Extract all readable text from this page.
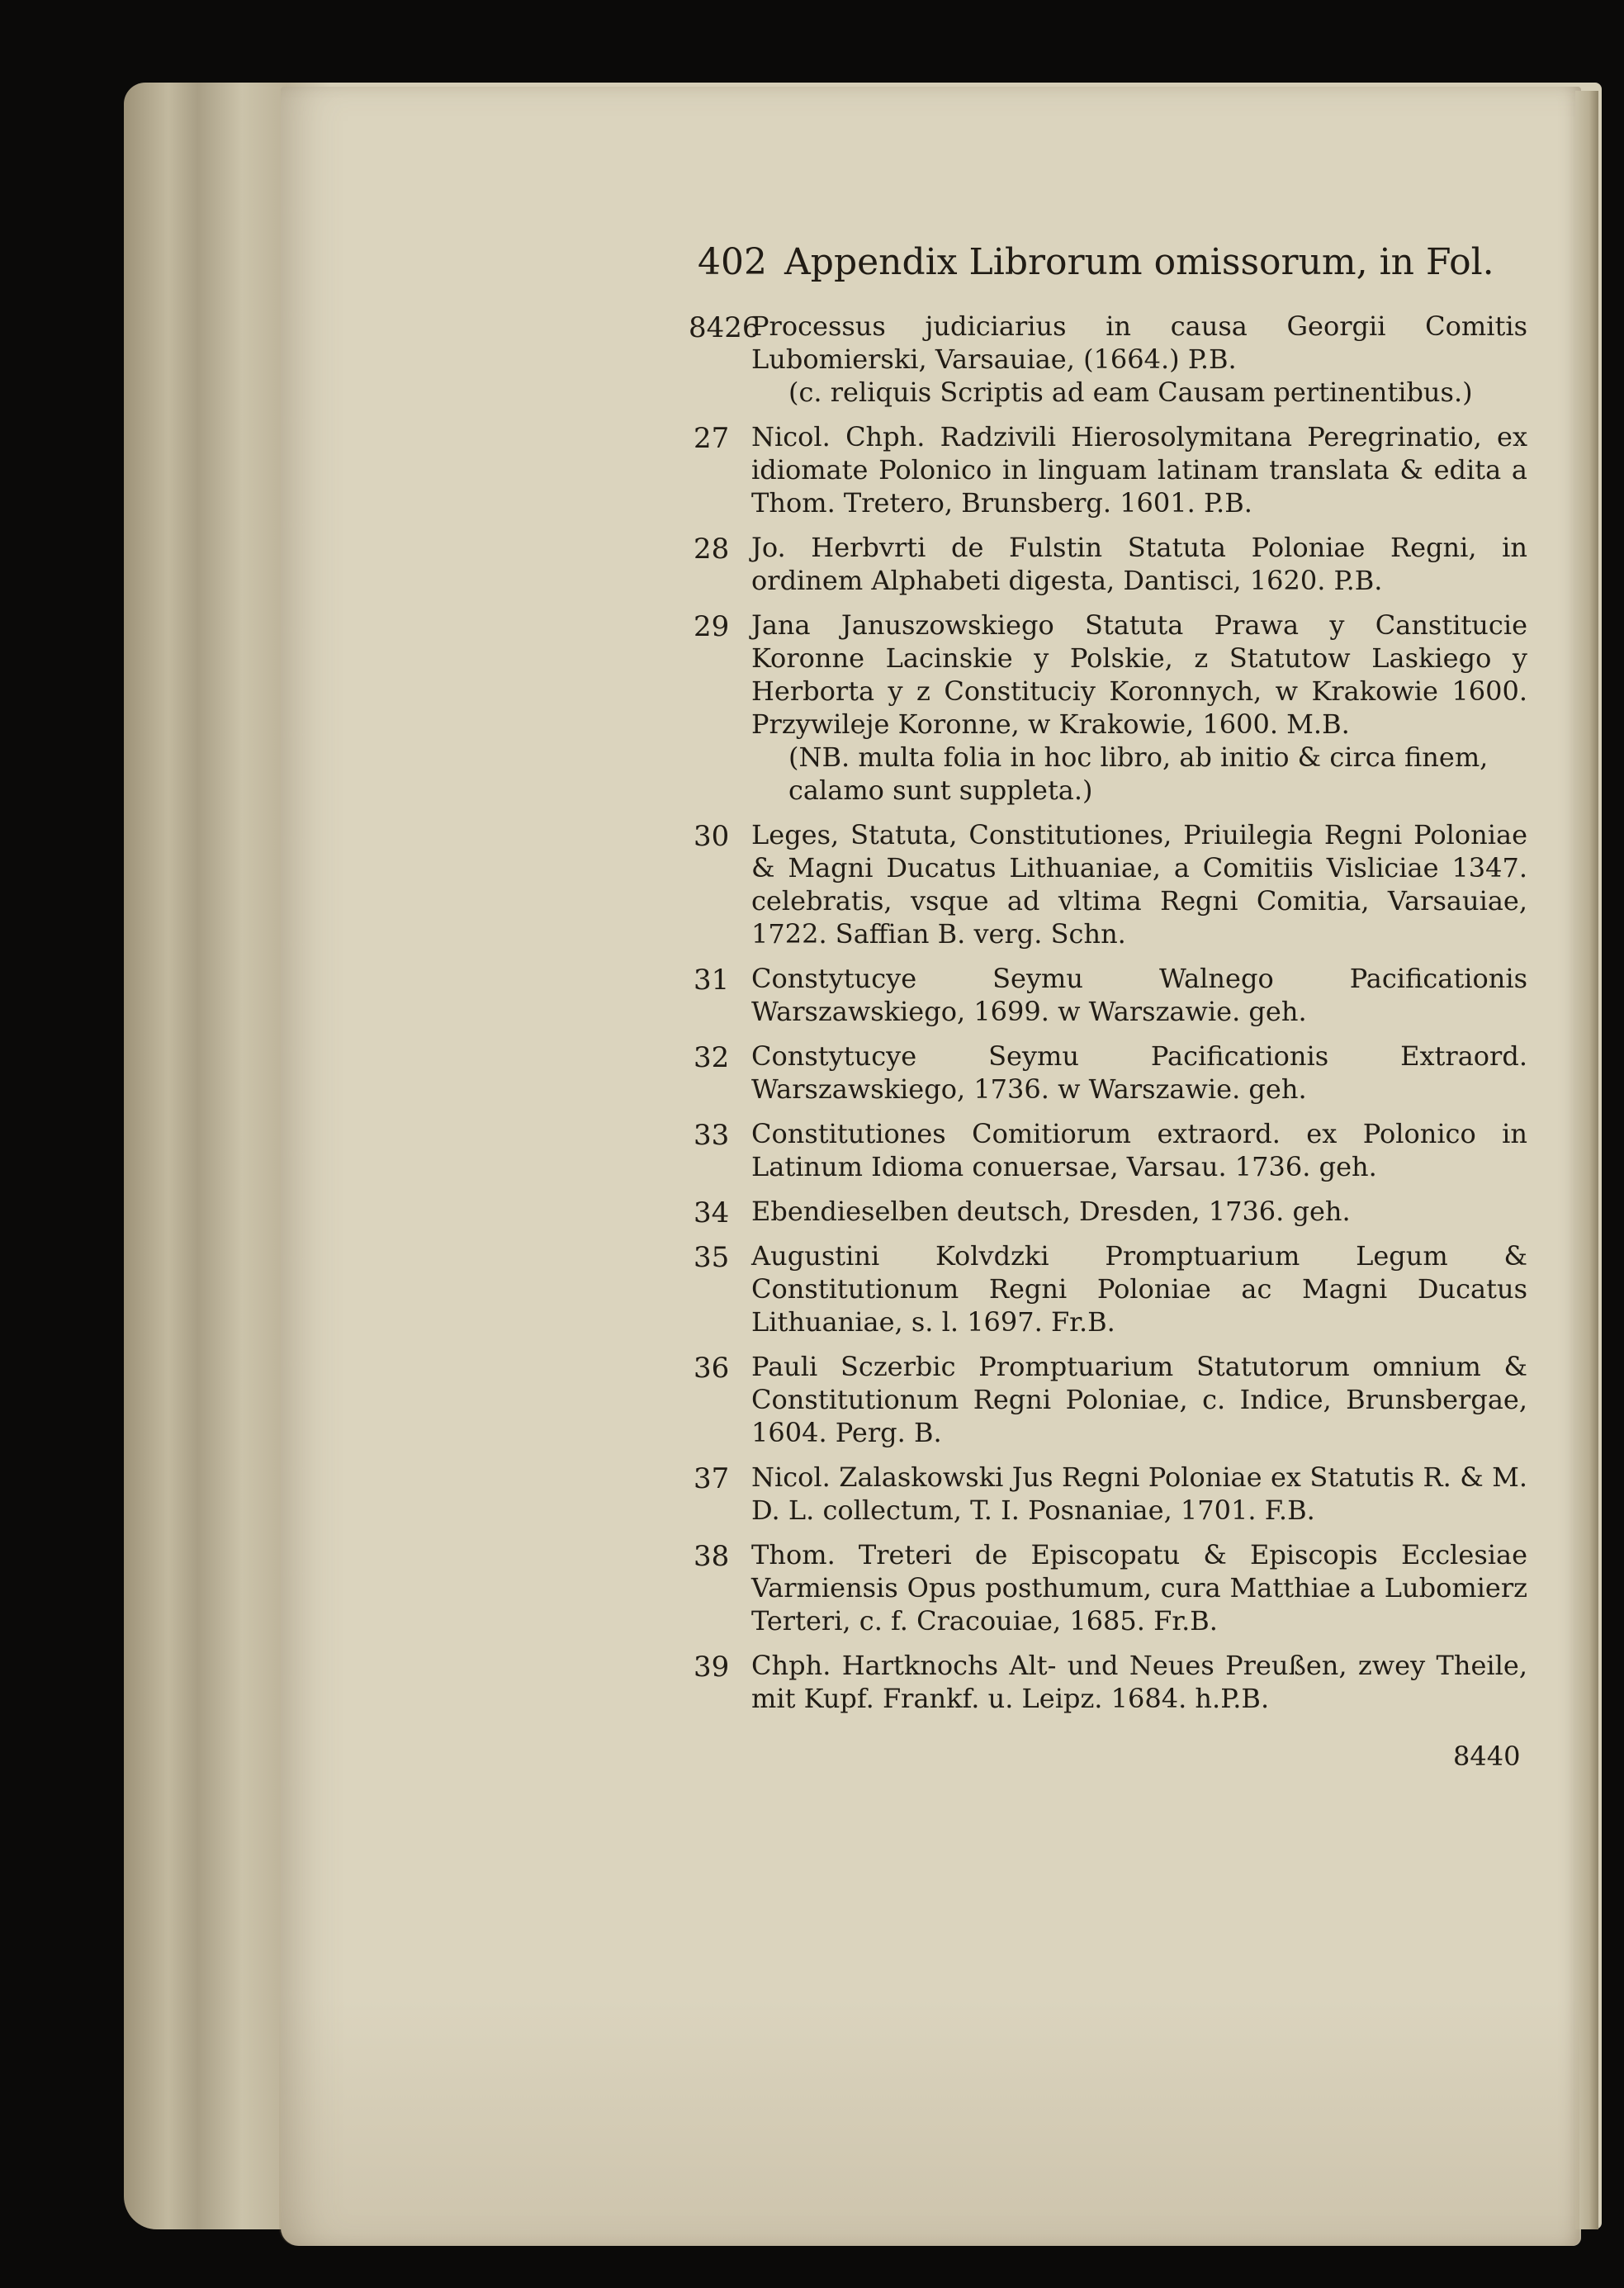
402 Appendix Librorum omissorum, in Fol.
8426
Processus judiciarius in causa Georgii Comitis Lubomierski, Varsauiae, (1664.) P.B.
(c. reliquis Scriptis ad eam Causam pertinentibus.)
27 Nicol. Chph. Radzivili Hierosolymitana Peregrinatio, ex idiomate Polonico in linguam latinam translata & edita a Thom. Tretero, Brunsberg. 1601. P.B.
28 Jo. Herbvrti de Fulstin Statuta Poloniae Regni, in ordinem Alphabeti digesta, Dantisci, 1620. P.B.
29 Jana Januszowskiego Statuta Prawa y Canstitucie Koronne Lacinskie y Polskie, z Statutow Laskiego y Herborta y z Constituciy Koronnych, w Krakowie 1600. Przywileje Koronne, w Krakowie, 1600. M.B.
(NB. multa folia in hoc libro, ab initio & circa finem, calamo sunt suppleta.)
30 Leges, Statuta, Constitutiones, Priuilegia Regni Poloniae & Magni Ducatus Lithuaniae, a Comitiis Visliciae 1347. celebratis, vsque ad vltima Regni Comitia, Varsauiae, 1722. Saffian B. verg. Schn.
31 Constytucye Seymu Walnego Pacificationis Warszawskiego, 1699. w Warszawie. geh.
32 Constytucye Seymu Pacificationis Extraord. Warszawskiego, 1736. w Warszawie. geh.
33 Constitutiones Comitiorum extraord. ex Polonico in Latinum Idioma conuersae, Varsau. 1736. geh.
34 Ebendieselben deutsch, Dresden, 1736. geh.
35 Augustini Kolvdzki Promptuarium Legum & Constitutionum Regni Poloniae ac Magni Ducatus Lithuaniae, s. l. 1697. Fr.B.
36 Pauli Sczerbic Promptuarium Statutorum omnium & Constitutionum Regni Poloniae, c. Indice, Brunsbergae, 1604. Perg. B.
37 Nicol. Zalaskowski Jus Regni Poloniae ex Statutis R. & M. D. L. collectum, T. I. Posnaniae, 1701. F.B.
38 Thom. Treteri de Episcopatu & Episcopis Ecclesiae Varmiensis Opus posthumum, cura Matthiae a Lubomierz Terteri, c. f. Cracouiae, 1685. Fr.B.
39 Chph. Hartknochs Alt- und Neues Preußen, zwey Theile, mit Kupf. Frankf. u. Leipz. 1684. h.P.B.
8440
